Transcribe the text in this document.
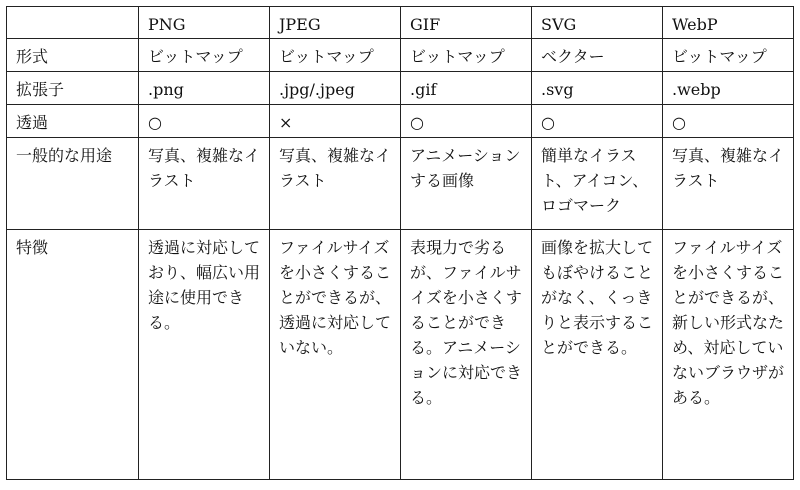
	PNG	JPEG	GIF	SVG	WebP
形式	ビットマップ	ビットマップ	ビットマップ	ベクター	ビットマップ
拡張子	.png	.jpg/.jpeg	.gif	.svg	.webp
透過	○	×	○	○	○
一般的な用途	写真、複雑なイラスト	写真、複雑なイラスト	アニメーションする画像	簡単なイラスト、アイコン、ロゴマーク	写真、複雑なイラスト
特徴	透過に対応しており、幅広い用途に使用できる。	ファイルサイズを小さくすることができるが、透過に対応していない。	表現力で劣るが、ファイルサイズを小さくすることができる。アニメーションに対応できる。	画像を拡大してもぼやけることがなく、くっきりと表示することができる。	ファイルサイズを小さくすることができるが、新しい形式なため、対応していないブラウザがある。
